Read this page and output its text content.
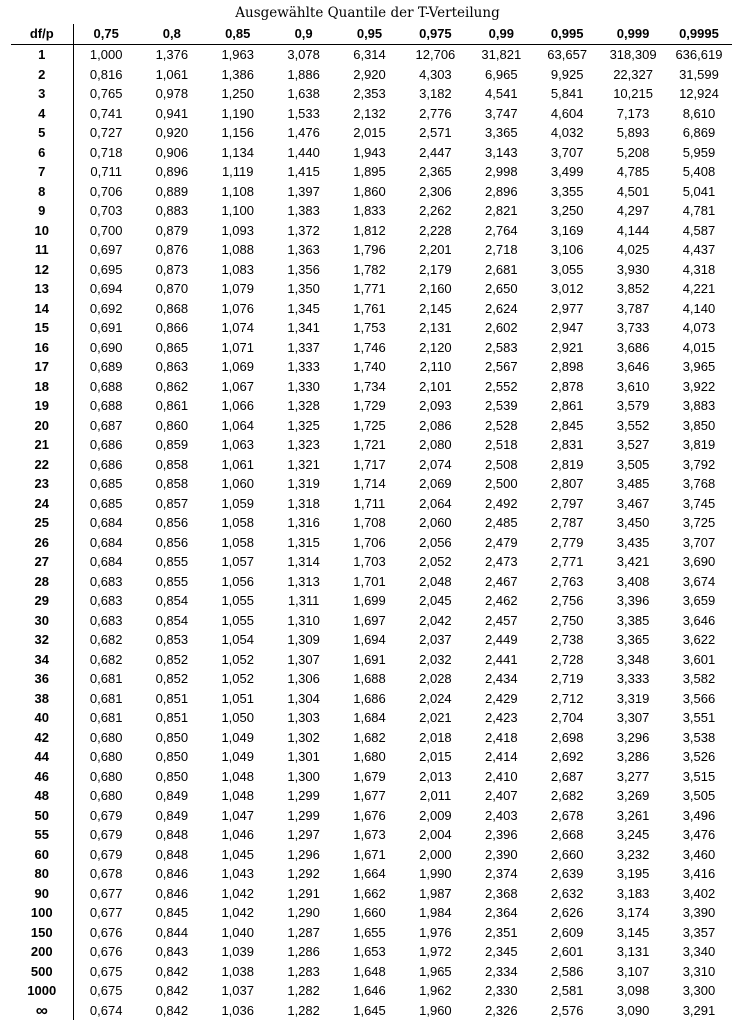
Ausgewählte Quantile der T-Verteilung
df/p	0,75	0,8	0,85	0,9	0,95	0,975	0,99	0,995	0,999	0,9995
1	1,000	1,376	1,963	3,078	6,314	12,706	31,821	63,657	318,309	636,619
2	0,816	1,061	1,386	1,886	2,920	4,303	6,965	9,925	22,327	31,599
3	0,765	0,978	1,250	1,638	2,353	3,182	4,541	5,841	10,215	12,924
4	0,741	0,941	1,190	1,533	2,132	2,776	3,747	4,604	7,173	8,610
5	0,727	0,920	1,156	1,476	2,015	2,571	3,365	4,032	5,893	6,869
6	0,718	0,906	1,134	1,440	1,943	2,447	3,143	3,707	5,208	5,959
7	0,711	0,896	1,119	1,415	1,895	2,365	2,998	3,499	4,785	5,408
8	0,706	0,889	1,108	1,397	1,860	2,306	2,896	3,355	4,501	5,041
9	0,703	0,883	1,100	1,383	1,833	2,262	2,821	3,250	4,297	4,781
10	0,700	0,879	1,093	1,372	1,812	2,228	2,764	3,169	4,144	4,587
11	0,697	0,876	1,088	1,363	1,796	2,201	2,718	3,106	4,025	4,437
12	0,695	0,873	1,083	1,356	1,782	2,179	2,681	3,055	3,930	4,318
13	0,694	0,870	1,079	1,350	1,771	2,160	2,650	3,012	3,852	4,221
14	0,692	0,868	1,076	1,345	1,761	2,145	2,624	2,977	3,787	4,140
15	0,691	0,866	1,074	1,341	1,753	2,131	2,602	2,947	3,733	4,073
16	0,690	0,865	1,071	1,337	1,746	2,120	2,583	2,921	3,686	4,015
17	0,689	0,863	1,069	1,333	1,740	2,110	2,567	2,898	3,646	3,965
18	0,688	0,862	1,067	1,330	1,734	2,101	2,552	2,878	3,610	3,922
19	0,688	0,861	1,066	1,328	1,729	2,093	2,539	2,861	3,579	3,883
20	0,687	0,860	1,064	1,325	1,725	2,086	2,528	2,845	3,552	3,850
21	0,686	0,859	1,063	1,323	1,721	2,080	2,518	2,831	3,527	3,819
22	0,686	0,858	1,061	1,321	1,717	2,074	2,508	2,819	3,505	3,792
23	0,685	0,858	1,060	1,319	1,714	2,069	2,500	2,807	3,485	3,768
24	0,685	0,857	1,059	1,318	1,711	2,064	2,492	2,797	3,467	3,745
25	0,684	0,856	1,058	1,316	1,708	2,060	2,485	2,787	3,450	3,725
26	0,684	0,856	1,058	1,315	1,706	2,056	2,479	2,779	3,435	3,707
27	0,684	0,855	1,057	1,314	1,703	2,052	2,473	2,771	3,421	3,690
28	0,683	0,855	1,056	1,313	1,701	2,048	2,467	2,763	3,408	3,674
29	0,683	0,854	1,055	1,311	1,699	2,045	2,462	2,756	3,396	3,659
30	0,683	0,854	1,055	1,310	1,697	2,042	2,457	2,750	3,385	3,646
32	0,682	0,853	1,054	1,309	1,694	2,037	2,449	2,738	3,365	3,622
34	0,682	0,852	1,052	1,307	1,691	2,032	2,441	2,728	3,348	3,601
36	0,681	0,852	1,052	1,306	1,688	2,028	2,434	2,719	3,333	3,582
38	0,681	0,851	1,051	1,304	1,686	2,024	2,429	2,712	3,319	3,566
40	0,681	0,851	1,050	1,303	1,684	2,021	2,423	2,704	3,307	3,551
42	0,680	0,850	1,049	1,302	1,682	2,018	2,418	2,698	3,296	3,538
44	0,680	0,850	1,049	1,301	1,680	2,015	2,414	2,692	3,286	3,526
46	0,680	0,850	1,048	1,300	1,679	2,013	2,410	2,687	3,277	3,515
48	0,680	0,849	1,048	1,299	1,677	2,011	2,407	2,682	3,269	3,505
50	0,679	0,849	1,047	1,299	1,676	2,009	2,403	2,678	3,261	3,496
55	0,679	0,848	1,046	1,297	1,673	2,004	2,396	2,668	3,245	3,476
60	0,679	0,848	1,045	1,296	1,671	2,000	2,390	2,660	3,232	3,460
80	0,678	0,846	1,043	1,292	1,664	1,990	2,374	2,639	3,195	3,416
90	0,677	0,846	1,042	1,291	1,662	1,987	2,368	2,632	3,183	3,402
100	0,677	0,845	1,042	1,290	1,660	1,984	2,364	2,626	3,174	3,390
150	0,676	0,844	1,040	1,287	1,655	1,976	2,351	2,609	3,145	3,357
200	0,676	0,843	1,039	1,286	1,653	1,972	2,345	2,601	3,131	3,340
500	0,675	0,842	1,038	1,283	1,648	1,965	2,334	2,586	3,107	3,310
1000	0,675	0,842	1,037	1,282	1,646	1,962	2,330	2,581	3,098	3,300
∞	0,674	0,842	1,036	1,282	1,645	1,960	2,326	2,576	3,090	3,291
